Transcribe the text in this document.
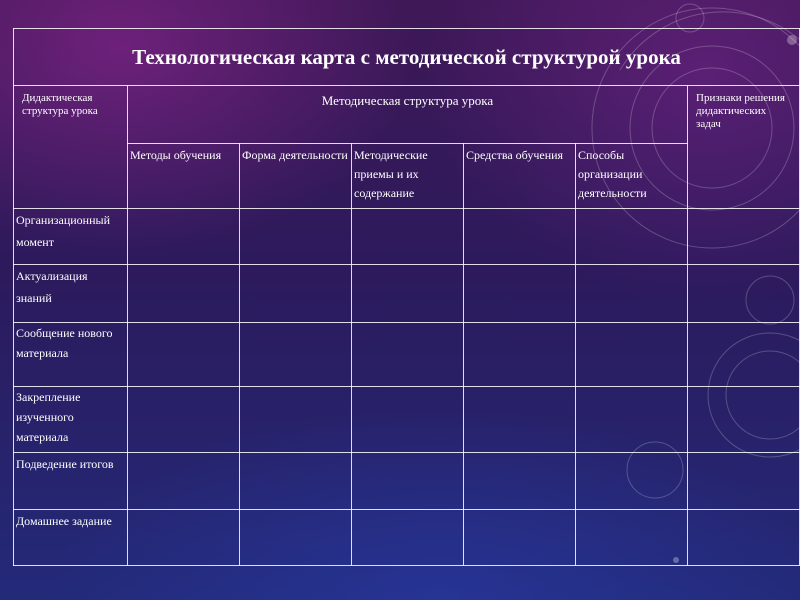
Технологическая карта с методической структурой урока						
Дидактическая структура урока	Методическая структура урока					Признаки решения дидактических задач
	Методы обучения	Форма деятельности	Методические приемы и их содержание	Средства обучения	Способы организации деятельности	
Организационный момент						
Актуализация знаний						
Сообщение нового материала						
Закрепление изученного материала						
Подведение итогов						
Домашнее задание						
